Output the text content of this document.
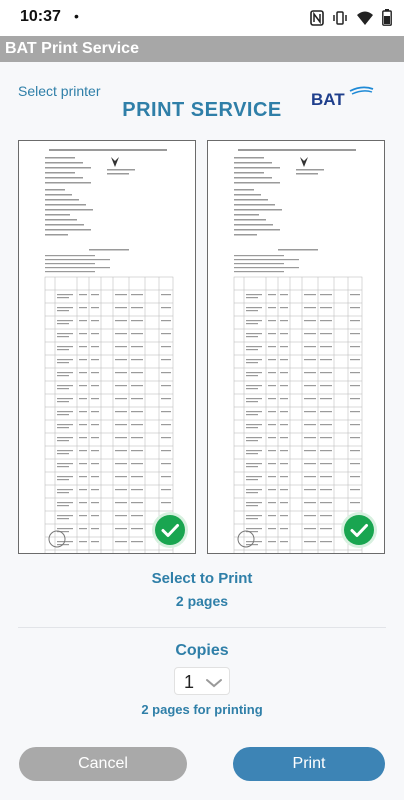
10:37 •
BAT Print Service
Select printer
PRINT SERVICE	BAT
Select to Print
2 pages
Copies
1
2 pages for printing
Cancel	Print
